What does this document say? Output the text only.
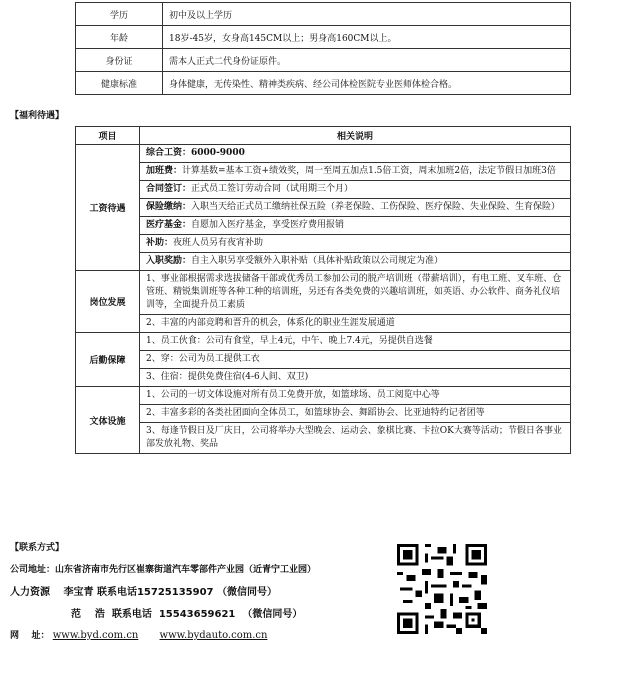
学历	初中及以上学历
年龄	18岁-45岁，女身高145CM以上；男身高160CM以上。
身份证	需本人正式二代身份证原件。
健康标准	身体健康，无传染性、精神类疾病、经公司体检医院专业医师体检合格。
【福利待遇】
项目	相关说明
工资待遇	综合工资：6000-9000
	加班费：计算基数=基本工资+绩效奖，周一至周五加点1.5倍工资，周末加班2倍，法定节假日加班3倍
	合同签订：正式员工签订劳动合同（试用期三个月）
	保险缴纳：入职当天给正式员工缴纳社保五险（养老保险、工伤保险、医疗保险、失业保险、生育保险）
	医疗基金：自愿加入医疗基金，享受医疗费用报销
	补助：夜班人员另有夜宵补助
	入职奖励：自主入职另享受额外入职补贴（具体补贴政策以公司规定为准）
岗位发展	1、事业部根据需求选拔储备干部或优秀员工参加公司的脱产培训班（带薪培训），有电工班、叉车班、仓管班、精锐集训班等各种工种的培训班，另还有各类免费的兴趣培训班，如英语、办公软件、商务礼仪培训等，全面提升员工素质
	2、丰富的内部竞聘和晋升的机会，体系化的职业生涯发展通道
后勤保障	1、员工伙食：公司有食堂，早上4元，中午、晚上7.4元，另提供自选餐
	2、穿：公司为员工提供工衣
	3、住宿：提供免费住宿(4-6人间、双卫)
文体设施	1、公司的一切文体设施对所有员工免费开放，如篮球场、员工阅览中心等
	2、丰富多彩的各类社团面向全体员工，如篮球协会、舞蹈协会、比亚迪特约记者团等
	3、每逢节假日及厂庆日，公司将举办大型晚会、运动会、象棋比赛、卡拉OK大赛等活动；节假日各事业部发放礼物、奖品
【联系方式】
公司地址：山东省济南市先行区崔寨街道汽车零部件产业园（近青宁工业园）
人力资源 李宝青 联系电话15725135907 （微信同号）
范    浩  联系电话  15543659621  （微信同号）
网    址： www.byd.com.cn www.bydauto.com.cn
